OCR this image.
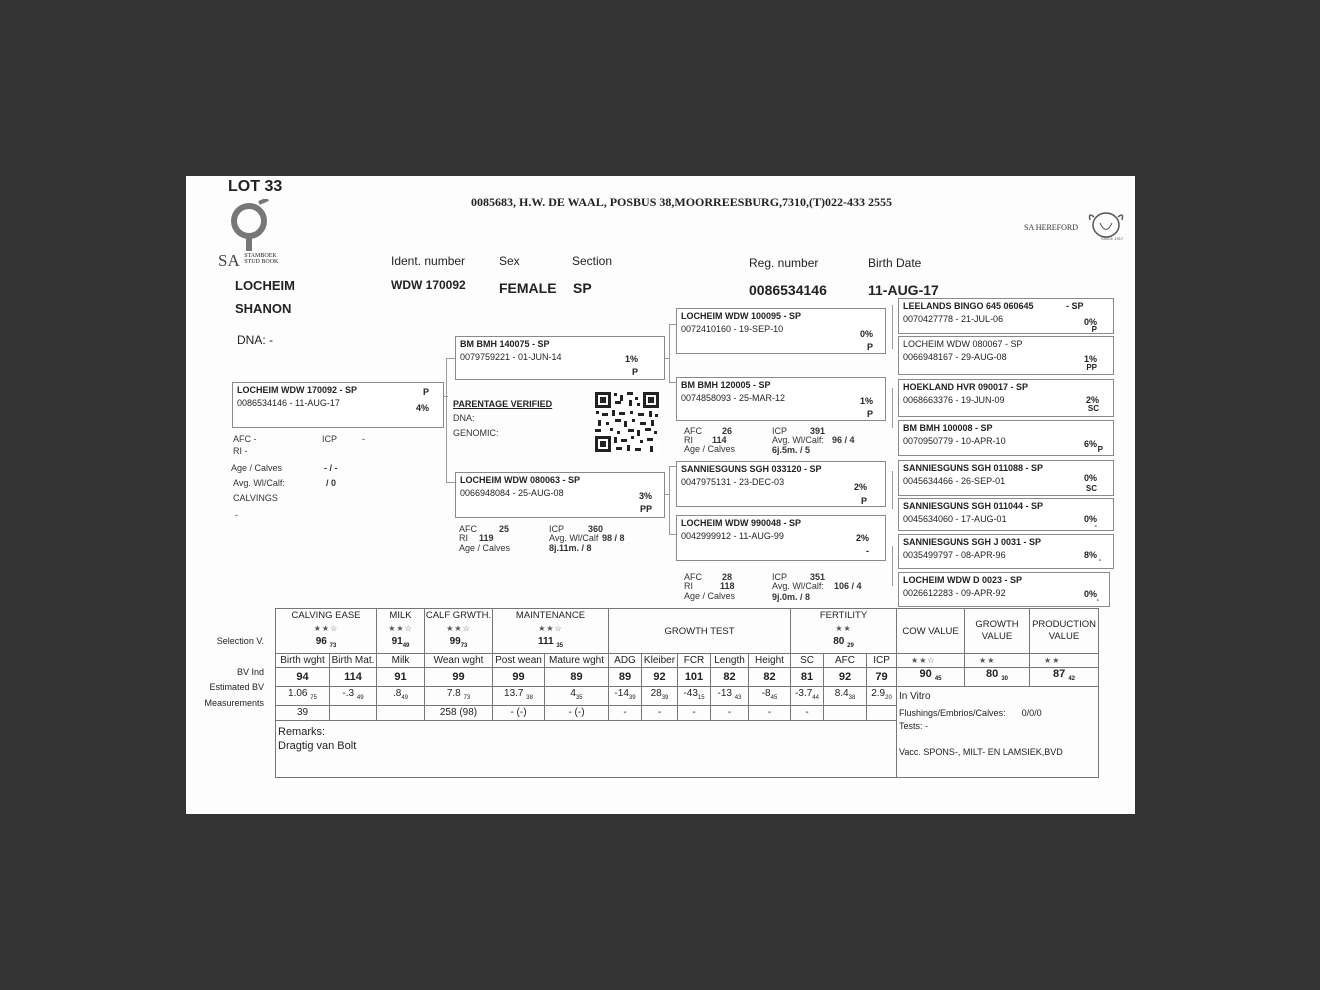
LOT 33
0085683, H.W. DE WAAL, POSBUS 38,MOORREESBURG,7310,(T)022-433 2555
SA STAMBOEK
STUD BOOK
SA HEREFORD
SINCE 1917
Ident. number	Sex	Section	Reg. number	Birth Date
LOCHEIM
SHANON
DNA: -
WDW 170092 FEMALE SP	0086534146	11-AUG-17
LOCHEIM WDW 170092 - SP
0086534146 - 11-AUG-17
P
4%
AFC -	ICP	-
RI -
Age / Calves	- / -
Avg. Wl/Calf:	/ 0
CALVINGS
-
BM BMH 140075 - SP
0079759221 - 01-JUN-14	1%
P
PARENTAGE VERIFIED
DNA:
GENOMIC:
LOCHEIM WDW 080063 - SP
0066948084 - 25-AUG-08	3%
PP
AFC 25	ICP	360
RI 119	Avg. Wl/Calf 98 / 8
Age / Calves	8j.11m. / 8
LOCHEIM WDW 100095 - SP
0072410160 - 19-SEP-10	0%
P
BM BMH 120005 - SP
0074858093 - 25-MAR-12	1%
P
AFC 26	ICP	391
RI 114	Avg. Wl/Calf: 96 / 4
Age / Calves	6j.5m. / 5
SANNIESGUNS SGH 033120 - SP
0047975131 - 23-DEC-03	2%
P
LOCHEIM WDW 990048 - SP
0042999912 - 11-AUG-99	2%
-
AFC 28	ICP	351
RI	118	Avg. Wl/Calf: 106 / 4
Age / Calves	9j.0m. / 8
LEELANDS BINGO 645 060645	- SP
0070427778 - 21-JUL-06	0%
P
LOCHEIM WDW 080067 - SP
0066948167 - 29-AUG-08	1%
PP
HOEKLAND HVR 090017 - SP
0068663376 - 19-JUN-09	2%
SC
BM BMH 100008 - SP
0070950779 - 10-APR-10	6%
P
SANNIESGUNS SGH 011088 - SP
0045634466 - 26-SEP-01	0%
SC
SANNIESGUNS SGH 011044 - SP
0045634060 - 17-AUG-01	0%
-
SANNIESGUNS SGH J 0031 - SP
0035499797 - 08-APR-96	8%
-
LOCHEIM WDW D 0023 - SP
0026612283 - 09-APR-92	0%
-
Selection V.
BV Ind
Estimated BV
Measurements
CALVING EASE		MILK	CALF GRWTH.	MAINTENANCE		GROWTH TEST					FERTILITY			COW VALUE	GROWTH VALUE	PRODUCTION VALUE
★★☆		★★☆	★★☆	★★☆							★★					
96 $_{73}$		$91_{49}$	$99_{73}$	111 $_{35}$							80 $_{29}$
Birth wght	Birth Mat.	Milk	Wean wght	Post wean	Mature wght	ADG	Kleiber	FCR	Length	Height	SC	AFC	ICP	★★☆	★★	★★
94	114	91	99	99	89	89	92	101	82	82	81	92	79	90 $_{45}$	80 $_{30}$	87 $_{42}$
1.06 $_{75}$	-.3 $_{49}$	$.8_{49}$	7.8 $_{73}$	13.7 $_{38}$	$4_{35}$	$-14_{39}$	$28_{39}$	$-43_{15}$	-13 $_{43}$	$-8_{45}$	$-3.7_{44}$	$8.4_{38}$	$2.9_{20}$	In Vitro		
39			258 (98)	- (-)	- (-)	-	-	-	-	-	-			Flushings/Embrios/Calves: 0/0/0
Tests: -

Vacc. SPONS-, MILT- EN LAMSIEK,BVD		
Remarks:
Dragtig van Bolt																
